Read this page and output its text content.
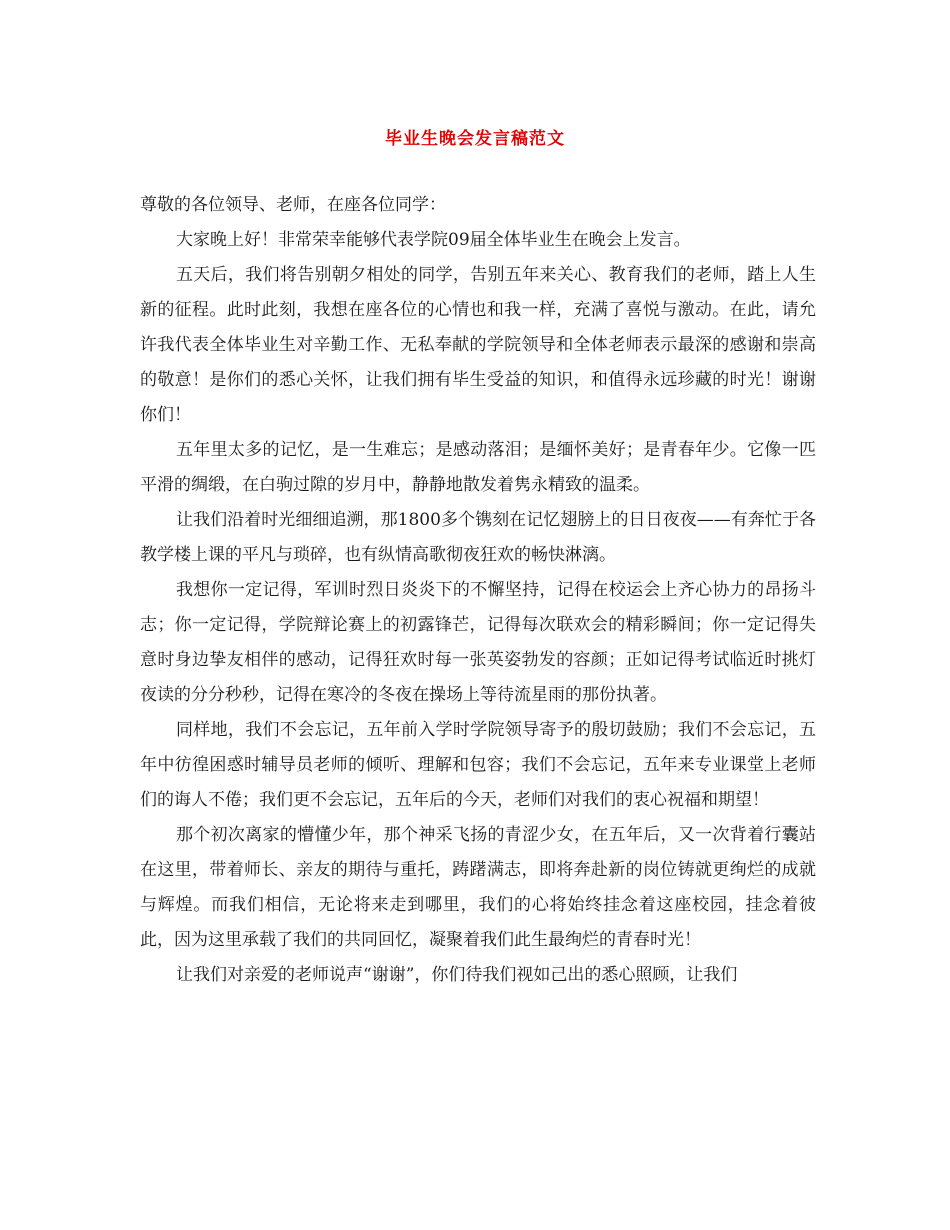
毕业生晚会发言稿范文

尊敬的各位领导、老师，在座各位同学：

大家晚上好！非常荣幸能够代表学院09届全体毕业生在晚会上发言。

五天后，我们将告别朝夕相处的同学，告别五年来关心、教育我们的老师，踏上人生新的征程。此时此刻，我想在座各位的心情也和我一样，充满了喜悦与激动。在此，请允许我代表全体毕业生对辛勤工作、无私奉献的学院领导和全体老师表示最深的感谢和崇高的敬意！是你们的悉心关怀，让我们拥有毕生受益的知识，和值得永远珍藏的时光！谢谢你们！

五年里太多的记忆，是一生难忘；是感动落泪；是缅怀美好；是青春年少。它像一匹平滑的绸缎，在白驹过隙的岁月中，静静地散发着隽永精致的温柔。

让我们沿着时光细细追溯，那1800多个镌刻在记忆翅膀上的日日夜夜——有奔忙于各教学楼上课的平凡与琐碎，也有纵情高歌彻夜狂欢的畅快淋漓。

我想你一定记得，军训时烈日炎炎下的不懈坚持，记得在校运会上齐心协力的昂扬斗志；你一定记得，学院辩论赛上的初露锋芒，记得每次联欢会的精彩瞬间；你一定记得失意时身边挚友相伴的感动，记得狂欢时每一张英姿勃发的容颜；正如记得考试临近时挑灯夜读的分分秒秒，记得在寒冷的冬夜在操场上等待流星雨的那份执著。

同样地，我们不会忘记，五年前入学时学院领导寄予的殷切鼓励；我们不会忘记，五年中彷徨困惑时辅导员老师的倾听、理解和包容；我们不会忘记，五年来专业课堂上老师们的诲人不倦；我们更不会忘记，五年后的今天，老师们对我们的衷心祝福和期望！

那个初次离家的懵懂少年，那个神采飞扬的青涩少女，在五年后，又一次背着行囊站在这里，带着师长、亲友的期待与重托，踌躇满志，即将奔赴新的岗位铸就更绚烂的成就与辉煌。而我们相信，无论将来走到哪里，我们的心将始终挂念着这座校园，挂念着彼此，因为这里承载了我们的共同回忆，凝聚着我们此生最绚烂的青春时光！

让我们对亲爱的老师说声“谢谢”，你们待我们视如己出的悉心照顾，让我们
